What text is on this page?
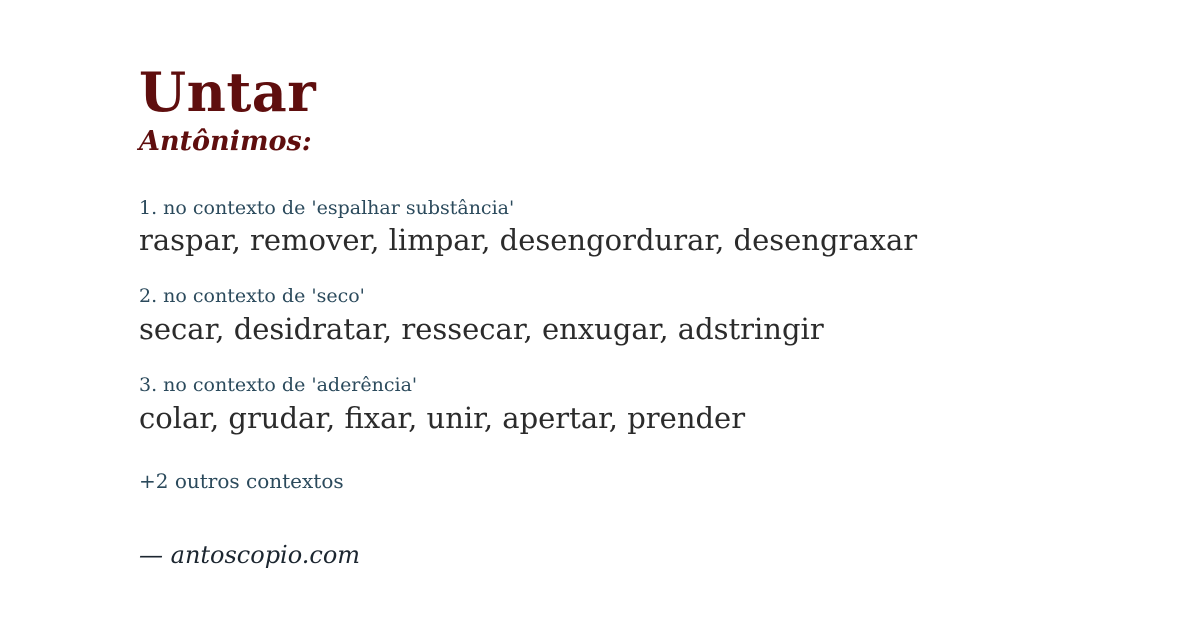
Untar
Antônimos:
1. no contexto de 'espalhar substância'
raspar, remover, limpar, desengordurar, desengraxar
2. no contexto de 'seco'
secar, desidratar, ressecar, enxugar, adstringir
3. no contexto de 'aderência'
colar, grudar, fixar, unir, apertar, prender
+2 outros contextos
— antoscopio.com
